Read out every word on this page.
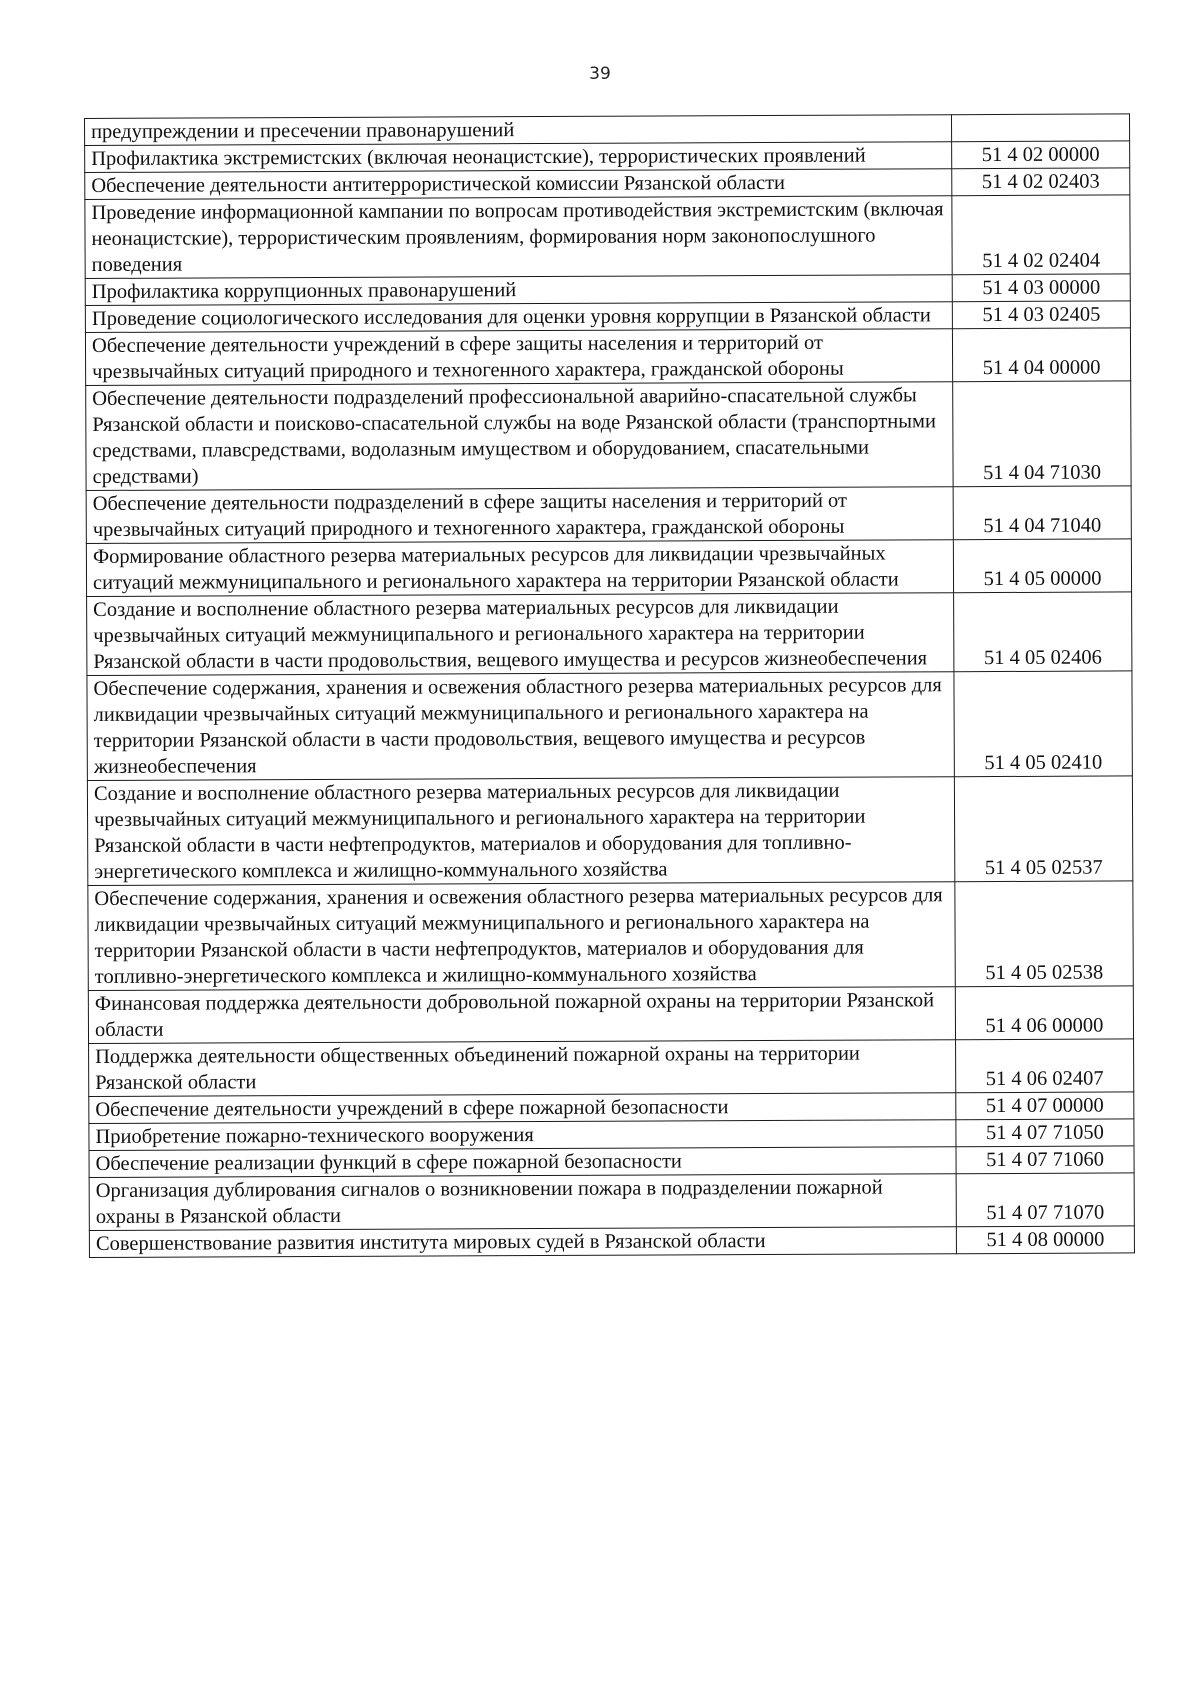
39
предупреждении и пресечении правонарушений	
Профилактика экстремистских (включая неонацистские), террористических проявлений	51 4 02 00000
Обеспечение деятельности антитеррористической комиссии Рязанской области	51 4 02 02403
Проведение информационной кампании по вопросам противодействия экстремистским (включая неонацистские), террористическим проявлениям, формирования норм законопослушного поведения	51 4 02 02404
Профилактика коррупционных правонарушений	51 4 03 00000
Проведение социологического исследования для оценки уровня коррупции в Рязанской области	51 4 03 02405
Обеспечение деятельности учреждений в сфере защиты населения и территорий от чрезвычайных ситуаций природного и техногенного характера, гражданской обороны	51 4 04 00000
Обеспечение деятельности подразделений профессиональной аварийно-спасательной службы Рязанской области и поисково-спасательной службы на воде Рязанской области (транспортными средствами, плавсредствами, водолазным имуществом и оборудованием, спасательными средствами)	51 4 04 71030
Обеспечение деятельности подразделений в сфере защиты населения и территорий от чрезвычайных ситуаций природного и техногенного характера, гражданской обороны	51 4 04 71040
Формирование областного резерва материальных ресурсов для ликвидации чрезвычайных ситуаций межмуниципального и регионального характера на территории Рязанской области	51 4 05 00000
Создание и восполнение областного резерва материальных ресурсов для ликвидации чрезвычайных ситуаций межмуниципального и регионального характера на территории Рязанской области в части продовольствия, вещевого имущества и ресурсов жизнеобеспечения	51 4 05 02406
Обеспечение содержания, хранения и освежения областного резерва материальных ресурсов для ликвидации чрезвычайных ситуаций межмуниципального и регионального характера на территории Рязанской области в части продовольствия, вещевого имущества и ресурсов жизнеобеспечения	51 4 05 02410
Создание и восполнение областного резерва материальных ресурсов для ликвидации чрезвычайных ситуаций межмуниципального и регионального характера на территории Рязанской области в части нефтепродуктов, материалов и оборудования для топливно-энергетического комплекса и жилищно-коммунального хозяйства	51 4 05 02537
Обеспечение содержания, хранения и освежения областного резерва материальных ресурсов для ликвидации чрезвычайных ситуаций межмуниципального и регионального характера на территории Рязанской области в части нефтепродуктов, материалов и оборудования для топливно-энергетического комплекса и жилищно-коммунального хозяйства	51 4 05 02538
Финансовая поддержка деятельности добровольной пожарной охраны на территории Рязанской области	51 4 06 00000
Поддержка деятельности общественных объединений пожарной охраны на территории Рязанской области	51 4 06 02407
Обеспечение деятельности учреждений в сфере пожарной безопасности	51 4 07 00000
Приобретение пожарно-технического вооружения	51 4 07 71050
Обеспечение реализации функций в сфере пожарной безопасности	51 4 07 71060
Организация дублирования сигналов о возникновении пожара в подразделении пожарной охраны в Рязанской области	51 4 07 71070
Совершенствование развития института мировых судей в Рязанской области	51 4 08 00000
